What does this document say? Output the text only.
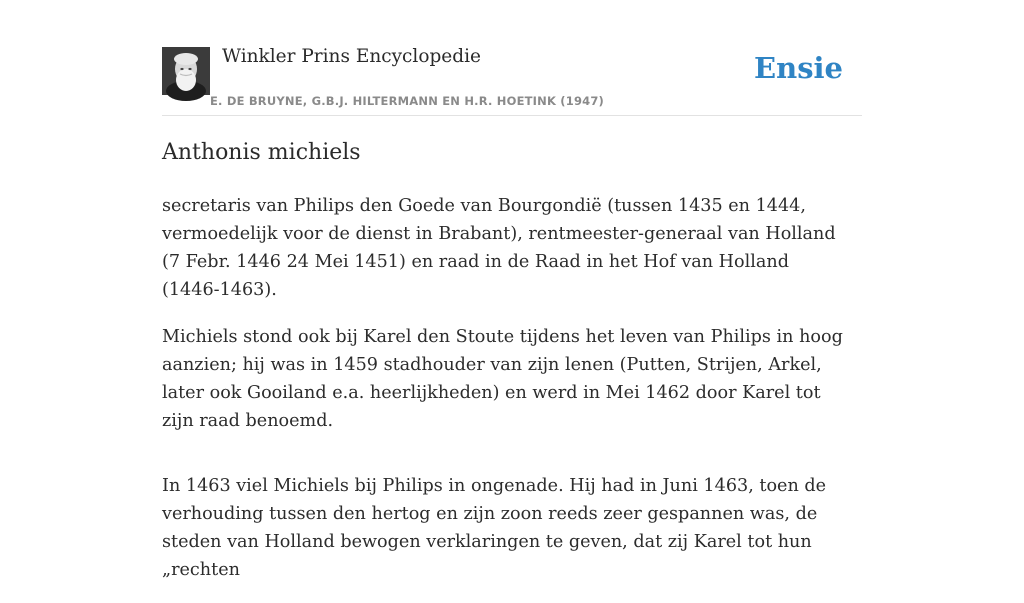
Winkler Prins Encyclopedie
E. DE BRUYNE, G.B.J. HILTERMANN EN H.R. HOETINK (1947)
Ensie
Anthonis michiels

secretaris van Philips den Goede van Bourgondië (tussen 1435 en 1444, vermoedelijk voor de dienst in Brabant), rentmeester-generaal van Holland (7 Febr. 1446 24 Mei 1451) en raad in de Raad in het Hof van Holland (1446-1463).

Michiels stond ook bij Karel den Stoute tijdens het leven van Philips in hoog aanzien; hij was in 1459 stadhouder van zijn lenen (Putten, Strijen, Arkel, later ook Gooiland e.a. heerlijkheden) en werd in Mei 1462 door Karel tot zijn raad benoemd.

In 1463 viel Michiels bij Philips in ongenade. Hij had in Juni 1463, toen de verhouding tussen den hertog en zijn zoon reeds zeer gespannen was, de steden van Holland bewogen verklaringen te geven, dat zij Karel tot hun „rechten
